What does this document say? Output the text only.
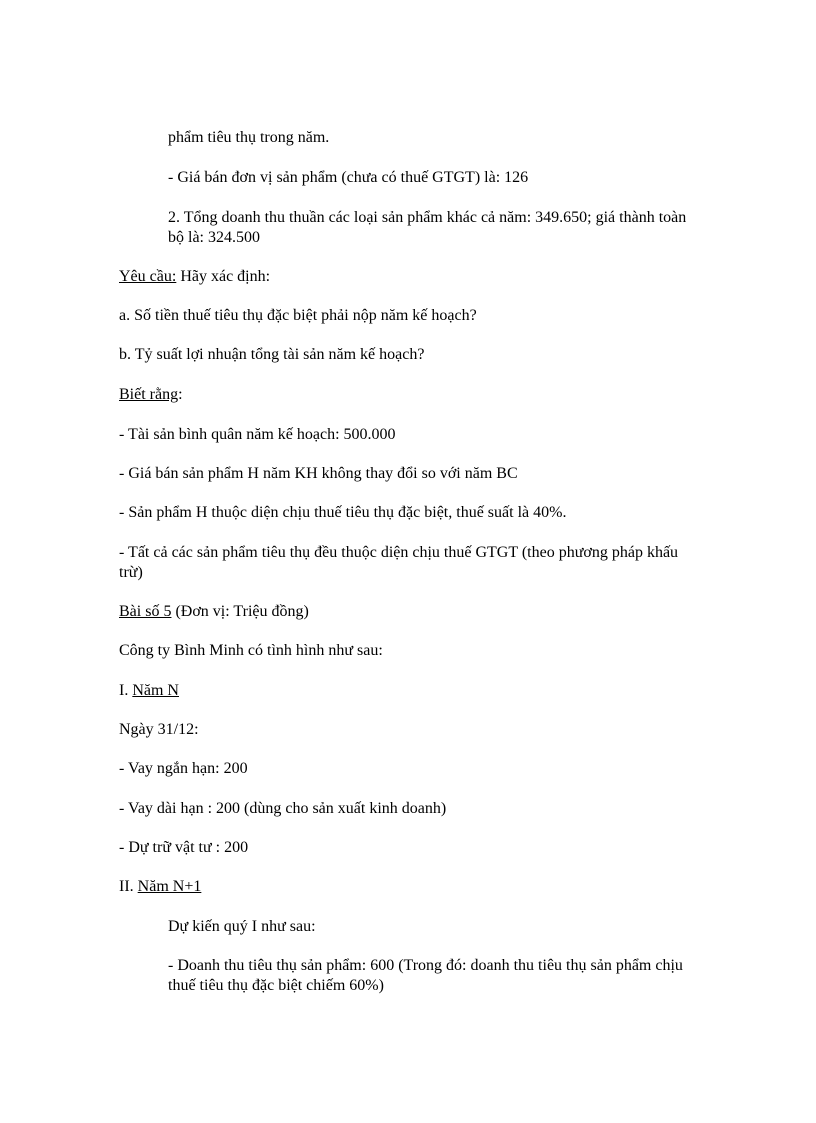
phẩm tiêu thụ trong năm.

- Giá bán đơn vị sản phẩm (chưa có thuế GTGT) là: 126

2. Tổng doanh thu thuần các loại sản phẩm khác cả năm: 349.650; giá thành toàn bộ là: 324.500

Yêu cầu: Hãy xác định:

a. Số tiền thuế tiêu thụ đặc biệt phải nộp năm kế hoạch?

b. Tỷ suất lợi nhuận tổng tài sản năm kế hoạch?

Biết rằng:

- Tài sản bình quân năm kế hoạch: 500.000

- Giá bán sản phẩm H năm KH không thay đổi so với năm BC

- Sản phẩm H thuộc diện chịu thuế tiêu thụ đặc biệt, thuế suất là 40%.

- Tất cả các sản phẩm tiêu thụ đều thuộc diện chịu thuế GTGT (theo phương pháp khấu trừ)

Bài số 5 (Đơn vị: Triệu đồng)

Công ty Bình Minh có tình hình như sau:

I. Năm N

Ngày 31/12:

- Vay ngắn hạn: 200

- Vay dài hạn : 200 (dùng cho sản xuất kinh doanh)

- Dự trữ vật tư : 200

II. Năm N+1

Dự kiến quý I như sau:

- Doanh thu tiêu thụ sản phẩm: 600 (Trong đó: doanh thu tiêu thụ sản phẩm chịu thuế tiêu thụ đặc biệt chiếm 60%)
